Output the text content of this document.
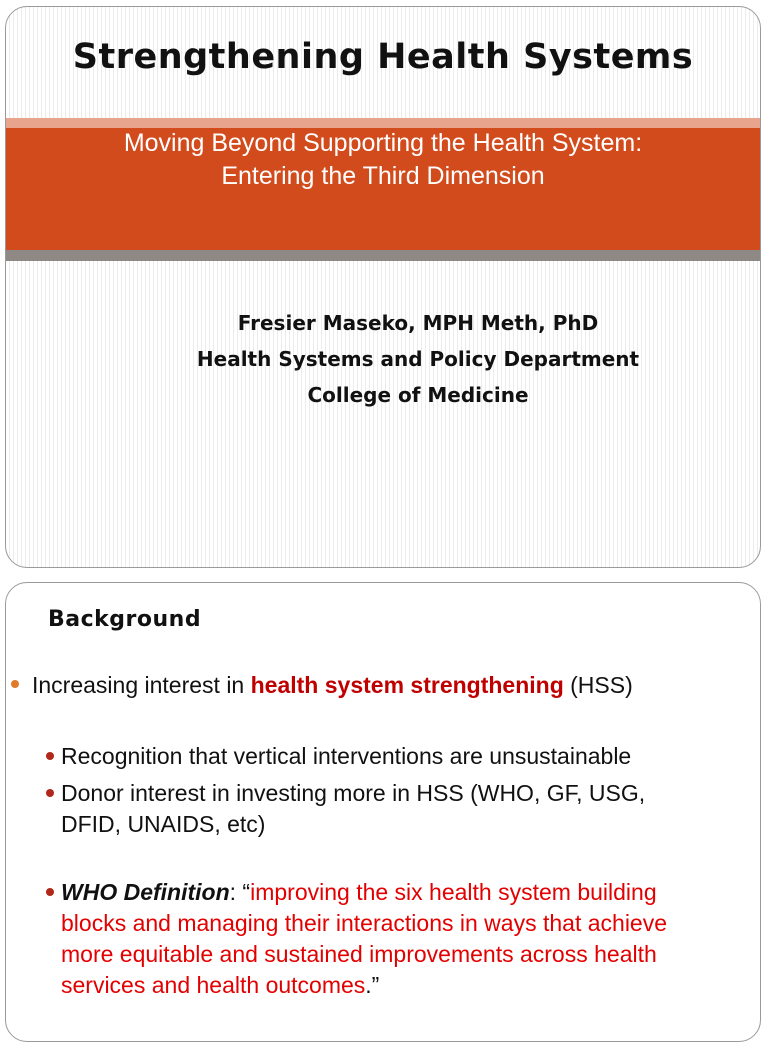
Strengthening Health Systems
Moving Beyond Supporting the Health System:
Entering the Third Dimension
Fresier Maseko, MPH Meth, PhD
Health Systems and Policy Department
College of Medicine
Background
Increasing interest in health system strengthening (HSS)
Recognition that vertical interventions are unsustainable
Donor interest in investing more in HSS (WHO, GF, USG,
DFID, UNAIDS, etc)
WHO Definition: “improving the six health system building
blocks and managing their interactions in ways that achieve
more equitable and sustained improvements across health
services and health outcomes.”
